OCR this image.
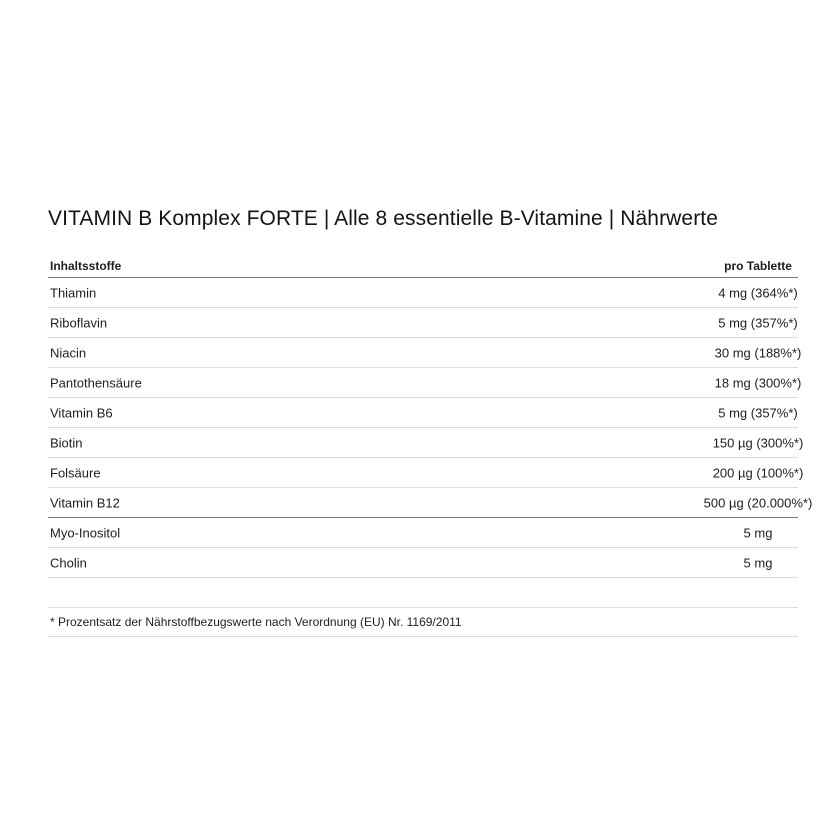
VITAMIN B Komplex FORTE | Alle 8 essentielle B-Vitamine | Nährwerte
Inhaltsstoffe	pro Tablette
Thiamin	4 mg (364%*)
Riboflavin	5 mg (357%*)
Niacin	30 mg (188%*)
Pantothensäure	18 mg (300%*)
Vitamin B6	5 mg (357%*)
Biotin	150 µg (300%*)
Folsäure	200 µg (100%*)
Vitamin B12	500 µg (20.000%*)
Myo-Inositol	5 mg
Cholin	5 mg
* Prozentsatz der Nährstoffbezugswerte nach Verordnung (EU) Nr. 1169/2011
